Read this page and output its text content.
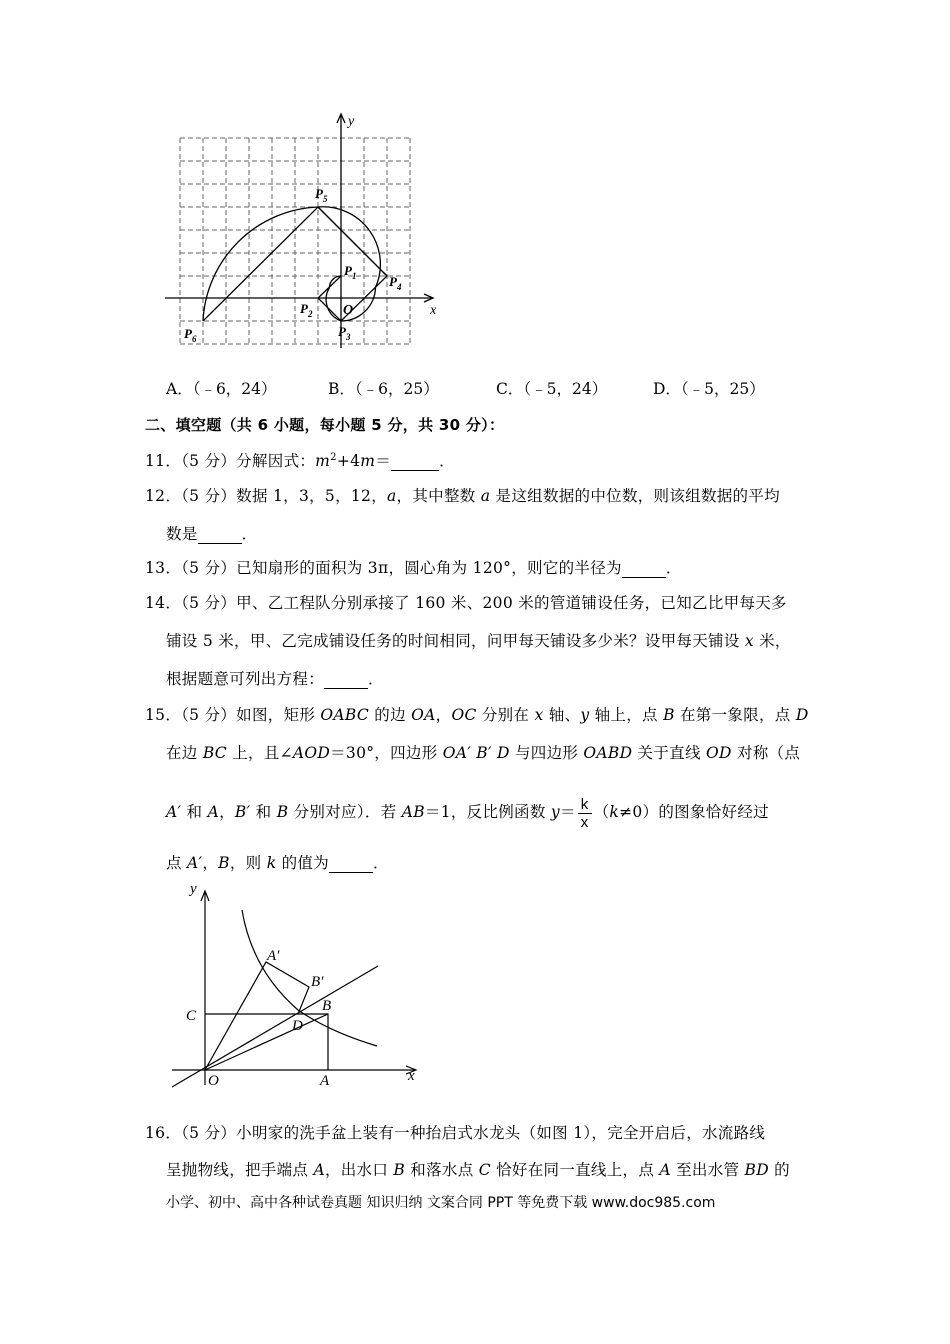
y
x
O
$P_5$
$P_1$	$P_4$
$P_2$
$P_3$
$P_6$
A．（﹣6，24）	B．（﹣6，25）	C．（﹣5，24）	D．（﹣5，25）
二、填空题（共 6 小题，每小题 5 分，共 30 分）：
11．（5 分）分解因式：$m^2+4m=$	．
12．（5 分）数据 1，3，5，12，a，其中整数 a 是这组数据的中位数，则该组数据的平均
数是	．
13．（5 分）已知扇形的面积为 3π，圆心角为 120°，则它的半径为	．
14．（5 分）甲、乙工程队分别承接了 160 米、200 米的管道铺设任务，已知乙比甲每天多
铺设 5 米，甲、乙完成铺设任务的时间相同，问甲每天铺设多少米？设甲每天铺设 x 米，
根据题意可列出方程：	．
15．（5 分）如图，矩形 OABC 的边 OA，OC 分别在 x 轴、y 轴上，点 B 在第一象限，点 D
在边 BC 上，且∠AOD＝30°，四边形 OA′ B′ D 与四边形 OABD 关于直线 OD 对称（点
A′ 和 A，B′ 和 B 分别对应）．若 AB＝1，反比例函数 $y= \frac{k}{x} (k\ne 0)$的图象恰好经过
点 A′，B，则 k 的值为	．
y
x
O	A
C
D
B
A′
B′
16．（5 分）小明家的洗手盆上装有一种抬启式水龙头（如图 1），完全开启后，水流路线
呈抛物线，把手端点 A，出水口 B 和落水点 C 恰好在同一直线上，点 A 至出水管 BD 的
小学、初中、高中各种试卷真题 知识归纳 文案合同 PPT 等免费下载 www.doc985.com
